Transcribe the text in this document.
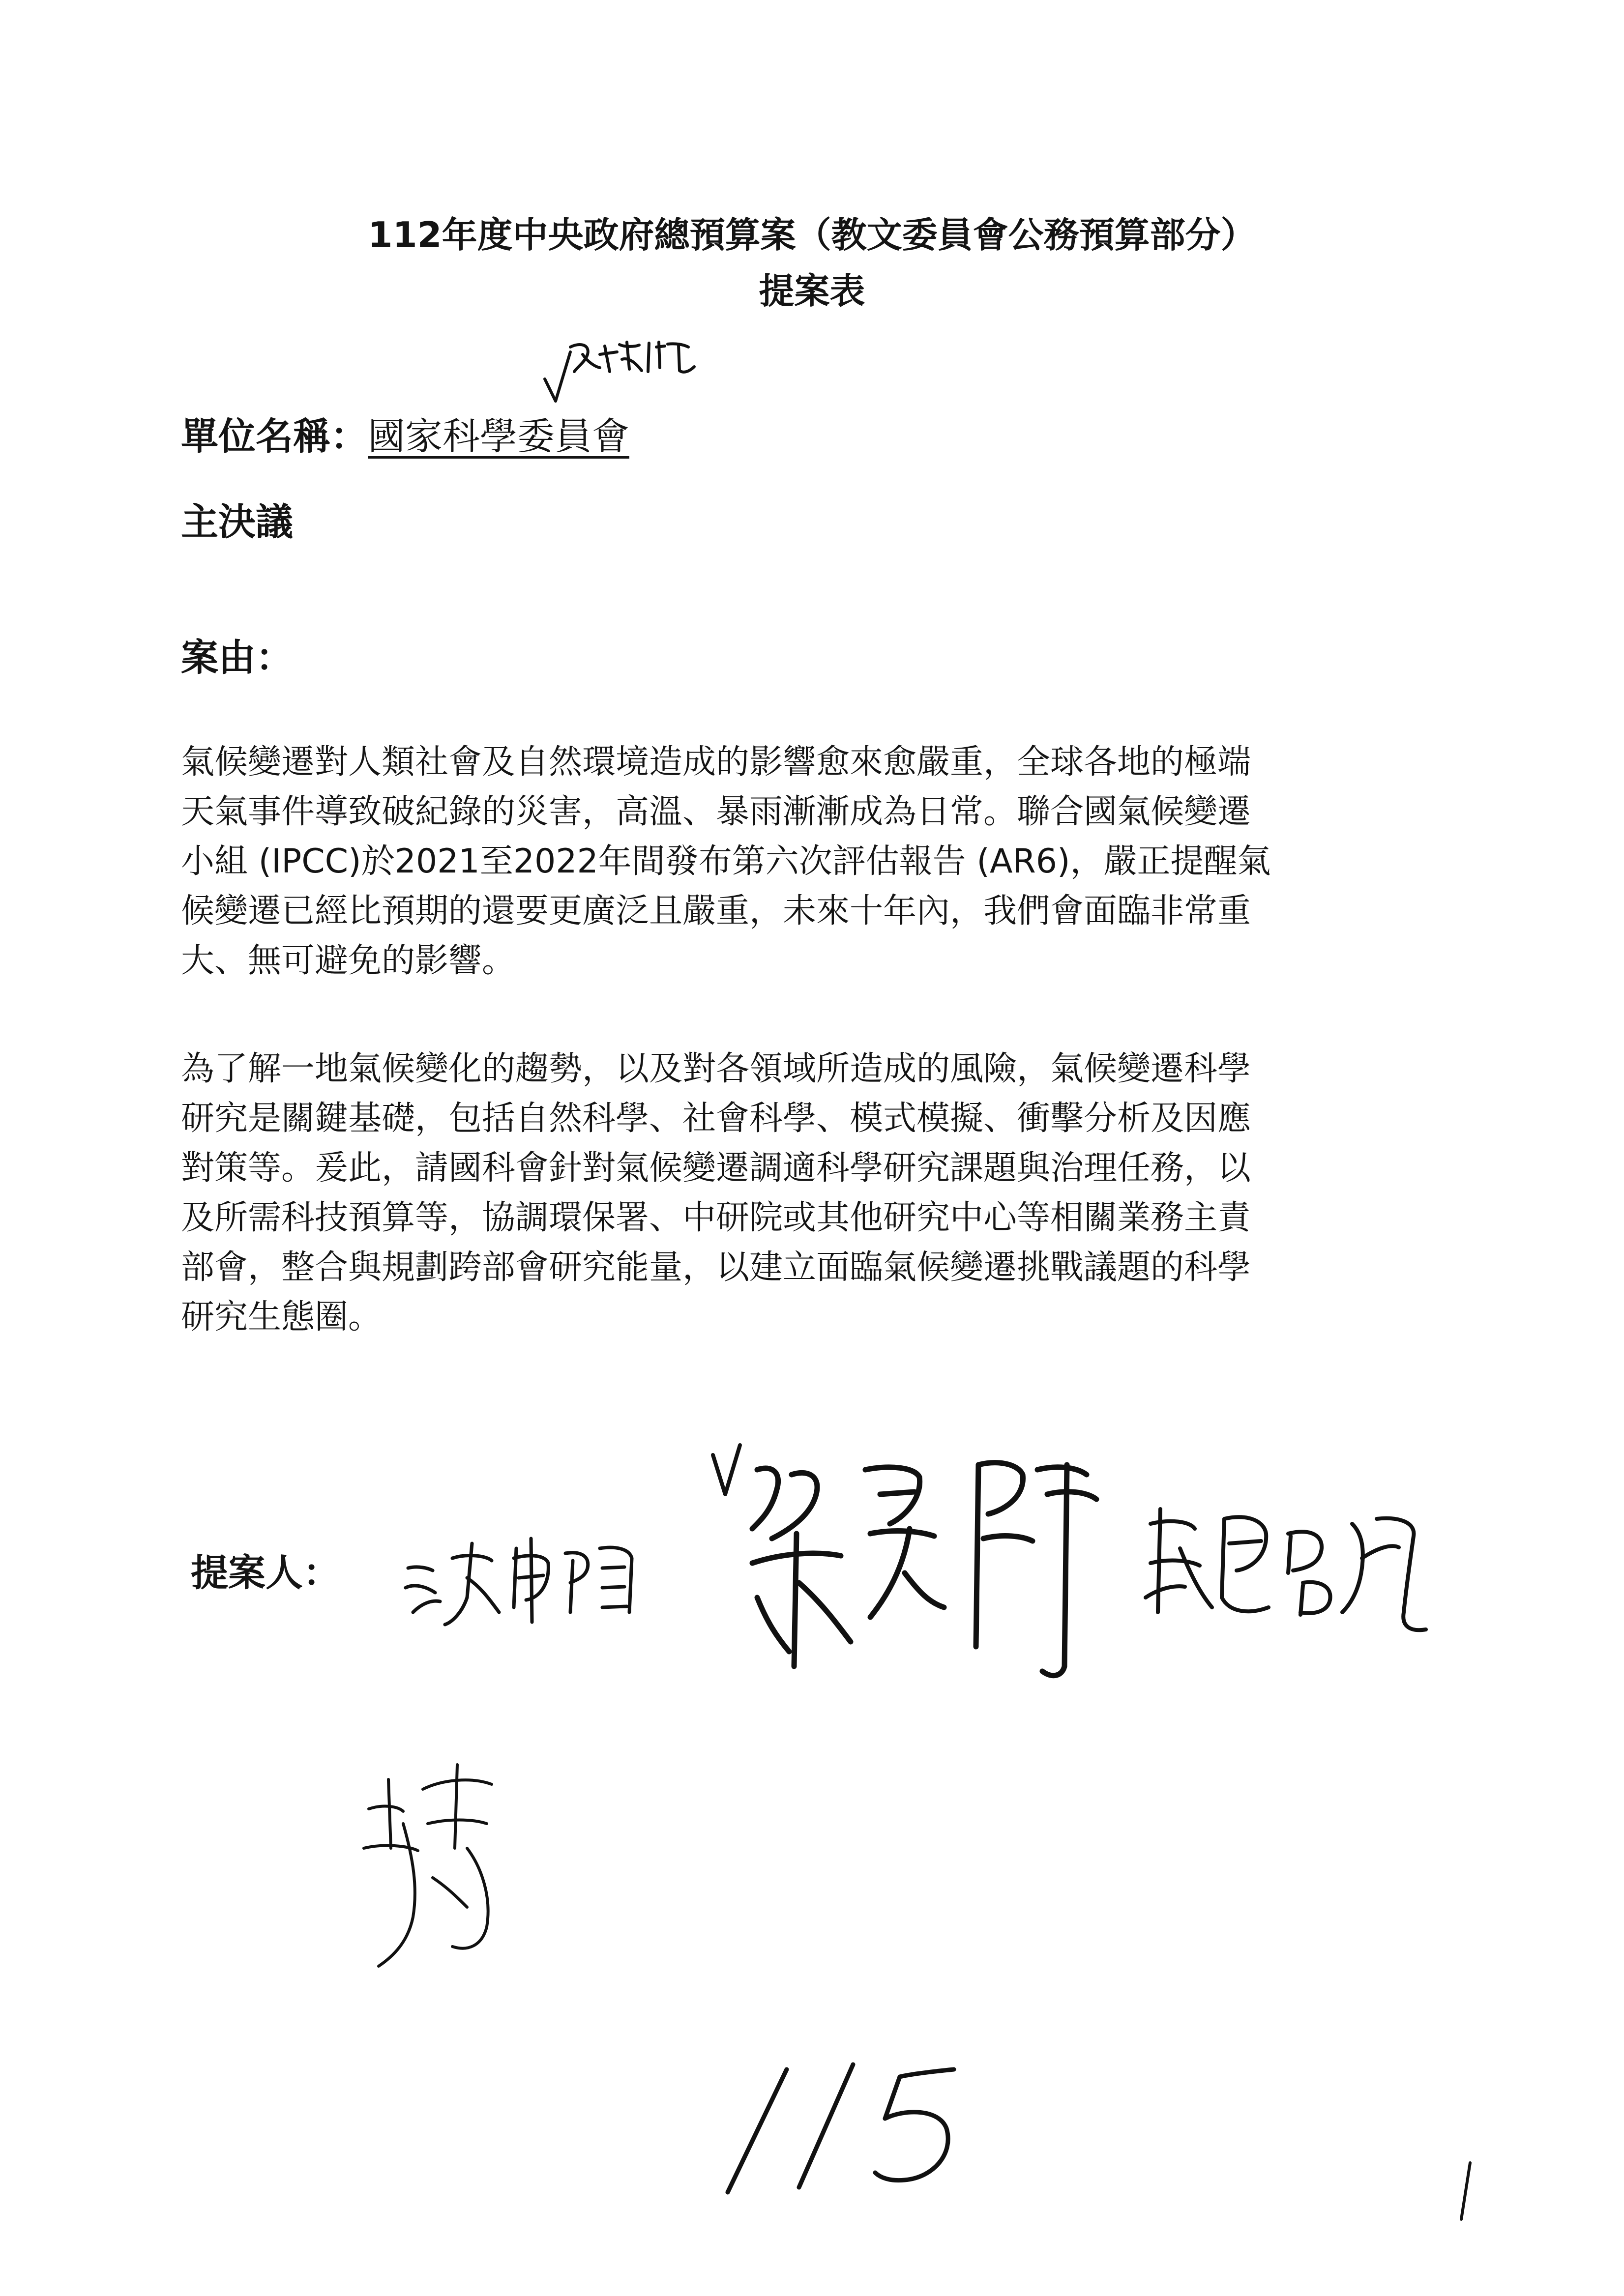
112年度中央政府總預算案（教文委員會公務預算部分）
提案表
單位名稱：國家科學委員會
主決議
案由：
氣候變遷對人類社會及自然環境造成的影響愈來愈嚴重，全球各地的極端
天氣事件導致破紀錄的災害，高溫、暴雨漸漸成為日常。聯合國氣候變遷
小組 (IPCC)於2021至2022年間發布第六次評估報告 (AR6)，嚴正提醒氣
候變遷已經比預期的還要更廣泛且嚴重，未來十年內，我們會面臨非常重
大、無可避免的影響。
為了解一地氣候變化的趨勢，以及對各領域所造成的風險，氣候變遷科學
研究是關鍵基礎，包括自然科學、社會科學、模式模擬、衝擊分析及因應
對策等。爰此，請國科會針對氣候變遷調適科學研究課題與治理任務，以
及所需科技預算等，協調環保署、中研院或其他研究中心等相關業務主責
部會，整合與規劃跨部會研究能量，以建立面臨氣候變遷挑戰議題的科學
研究生態圈。
提案人：
